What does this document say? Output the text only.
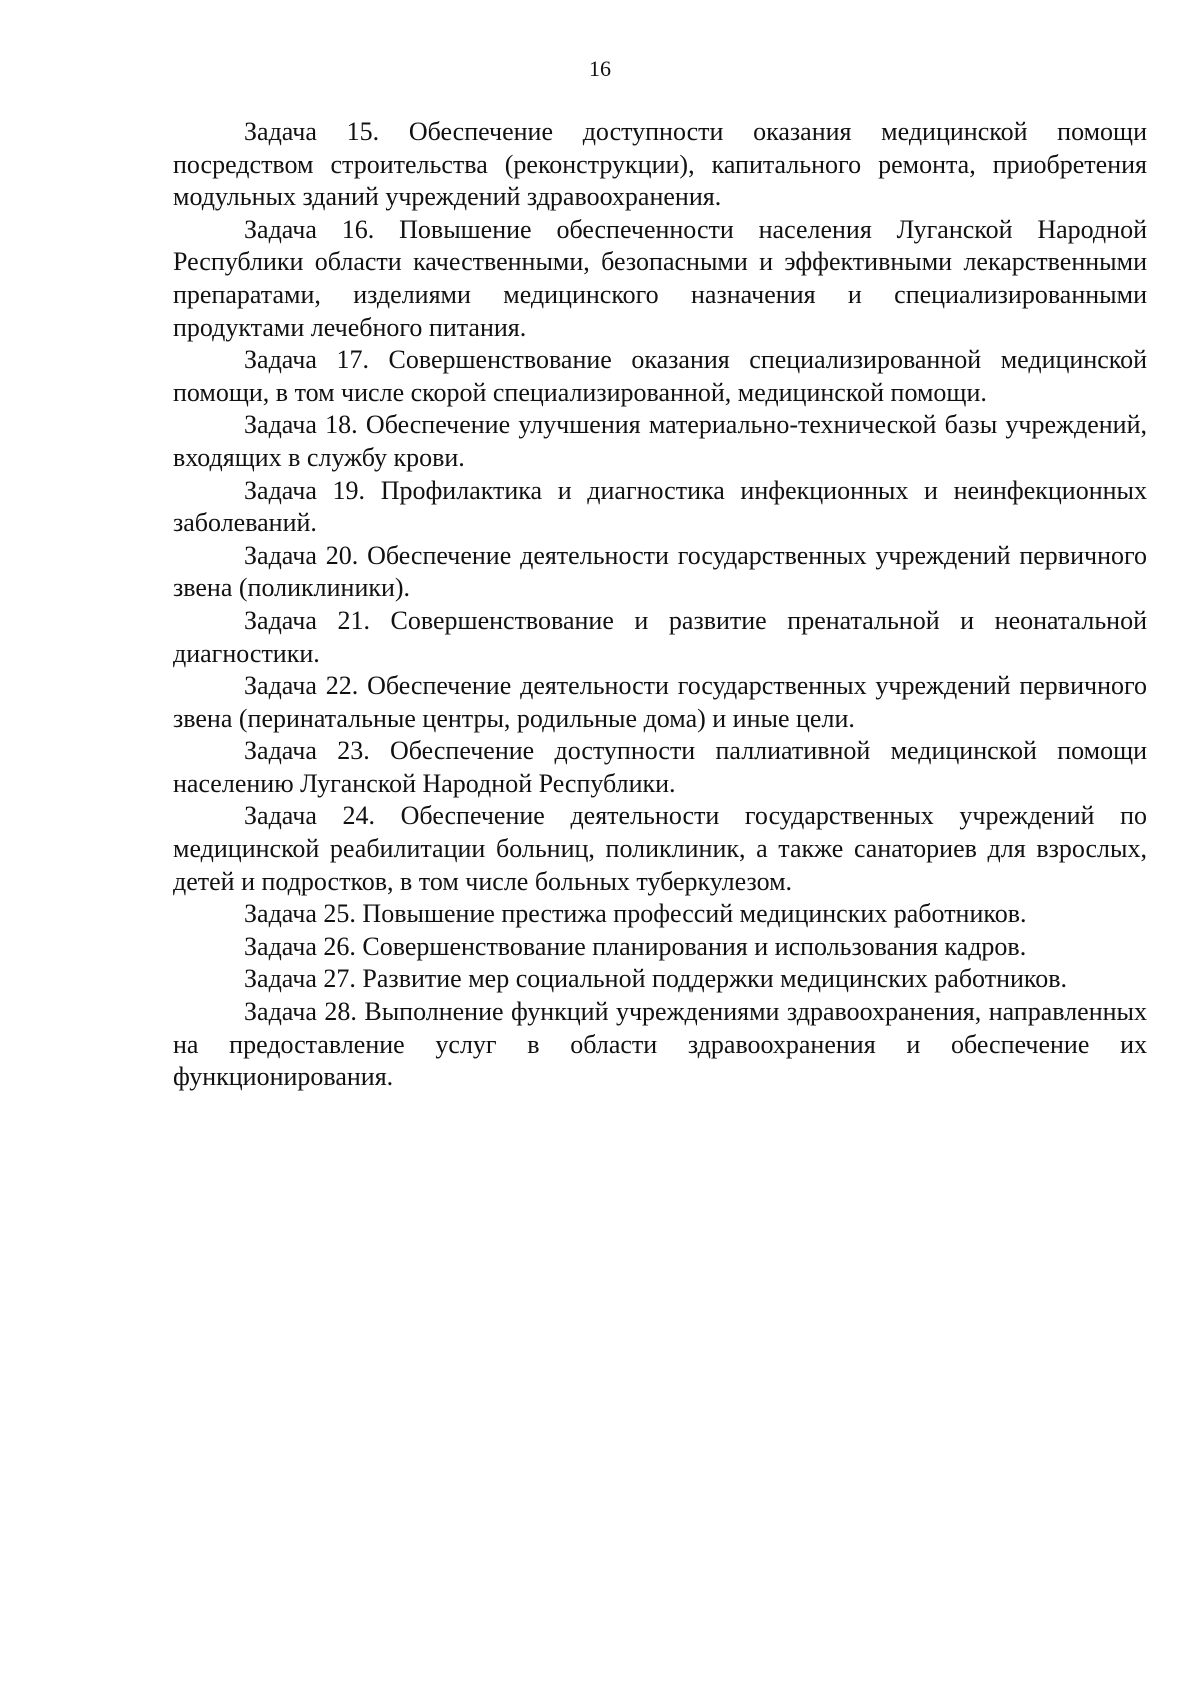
16

Задача 15. Обеспечение доступности оказания медицинской помощи посредством строительства (реконструкции), капитального ремонта, приобретения модульных зданий учреждений здравоохранения.

Задача 16. Повышение обеспеченности населения Луганской Народной Республики области качественными, безопасными и эффективными лекарственными препаратами, изделиями медицинского назначения и специализированными продуктами лечебного питания.

Задача 17. Совершенствование оказания специализированной медицинской помощи, в том числе скорой специализированной, медицинской помощи.

Задача 18. Обеспечение улучшения материально-технической базы учреждений, входящих в службу крови.

Задача 19. Профилактика и диагностика инфекционных и неинфекционных заболеваний.

Задача 20. Обеспечение деятельности государственных учреждений первичного звена (поликлиники).

Задача 21. Совершенствование и развитие пренатальной и неонатальной диагностики.

Задача 22. Обеспечение деятельности государственных учреждений первичного звена (перинатальные центры, родильные дома) и иные цели.

Задача 23. Обеспечение доступности паллиативной медицинской помощи населению Луганской Народной Республики.

Задача 24. Обеспечение деятельности государственных учреждений по медицинской реабилитации больниц, поликлиник, а также санаториев для взрослых, детей и подростков, в том числе больных туберкулезом.

Задача 25. Повышение престижа профессий медицинских работников.

Задача 26. Совершенствование планирования и использования кадров.

Задача 27. Развитие мер социальной поддержки медицинских работников.

Задача 28. Выполнение функций учреждениями здравоохранения, направленных на предоставление услуг в области здравоохранения и обеспечение их функционирования.
